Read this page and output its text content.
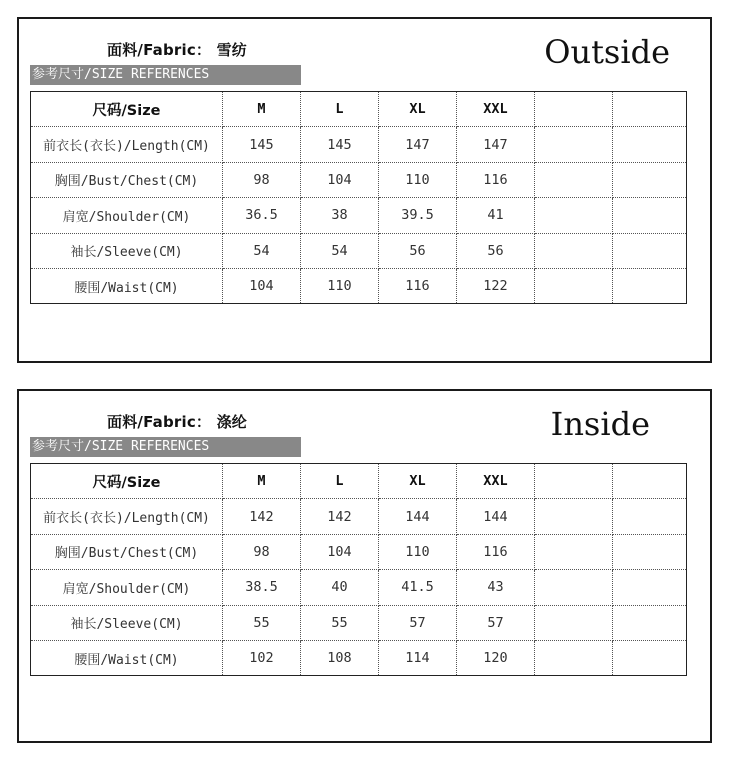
面料/Fabric： 雪纺	Outside
参考尺寸/SIZE REFERENCES
尺码/Size	M	L	XL	XXL		
前衣长(衣长)/Length(CM)	145	145	147	147		
胸围/Bust/Chest(CM)	98	104	110	116		
肩宽/Shoulder(CM)	36.5	38	39.5	41		
袖长/Sleeve(CM)	54	54	56	56		
腰围/Waist(CM)	104	110	116	122		
面料/Fabric： 涤纶	Inside
参考尺寸/SIZE REFERENCES
尺码/Size	M	L	XL	XXL		
前衣长(衣长)/Length(CM)	142	142	144	144		
胸围/Bust/Chest(CM)	98	104	110	116		
肩宽/Shoulder(CM)	38.5	40	41.5	43		
袖长/Sleeve(CM)	55	55	57	57		
腰围/Waist(CM)	102	108	114	120		
